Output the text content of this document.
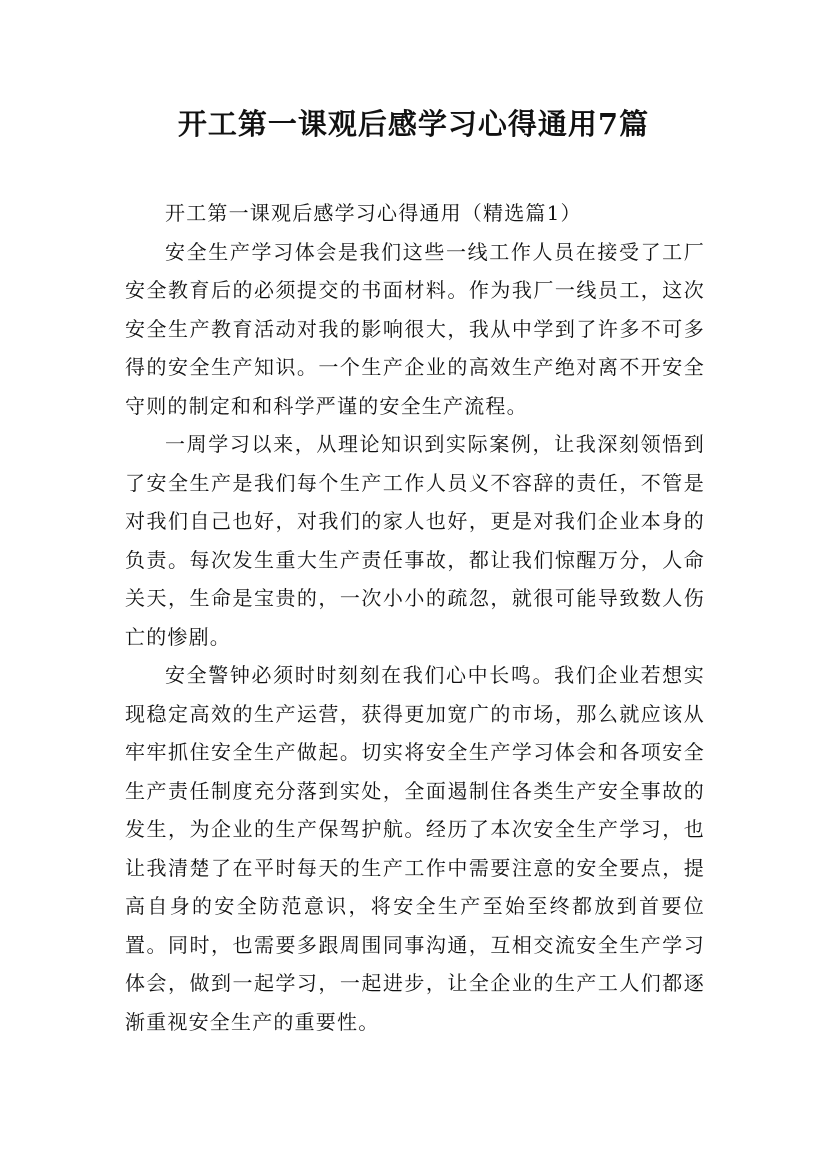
开工第一课观后感学习心得通用7篇
开工第一课观后感学习心得通用（精选篇1）

安全生产学习体会是我们这些一线工作人员在接受了工厂安全教育后的必须提交的书面材料。作为我厂一线员工，这次安全生产教育活动对我的影响很大，我从中学到了许多不可多得的安全生产知识。一个生产企业的高效生产绝对离不开安全守则的制定和和科学严谨的安全生产流程。

一周学习以来，从理论知识到实际案例，让我深刻领悟到了安全生产是我们每个生产工作人员义不容辞的责任，不管是对我们自己也好，对我们的家人也好，更是对我们企业本身的负责。每次发生重大生产责任事故，都让我们惊醒万分，人命关天，生命是宝贵的，一次小小的疏忽，就很可能导致数人伤亡的惨剧。

安全警钟必须时时刻刻在我们心中长鸣。我们企业若想实现稳定高效的生产运营，获得更加宽广的市场，那么就应该从牢牢抓住安全生产做起。切实将安全生产学习体会和各项安全生产责任制度充分落到实处，全面遏制住各类生产安全事故的发生，为企业的生产保驾护航。经历了本次安全生产学习，也让我清楚了在平时每天的生产工作中需要注意的安全要点，提高自身的安全防范意识，将安全生产至始至终都放到首要位置。同时，也需要多跟周围同事沟通，互相交流安全生产学习体会，做到一起学习，一起进步，让全企业的生产工人们都逐渐重视安全生产的重要性。
